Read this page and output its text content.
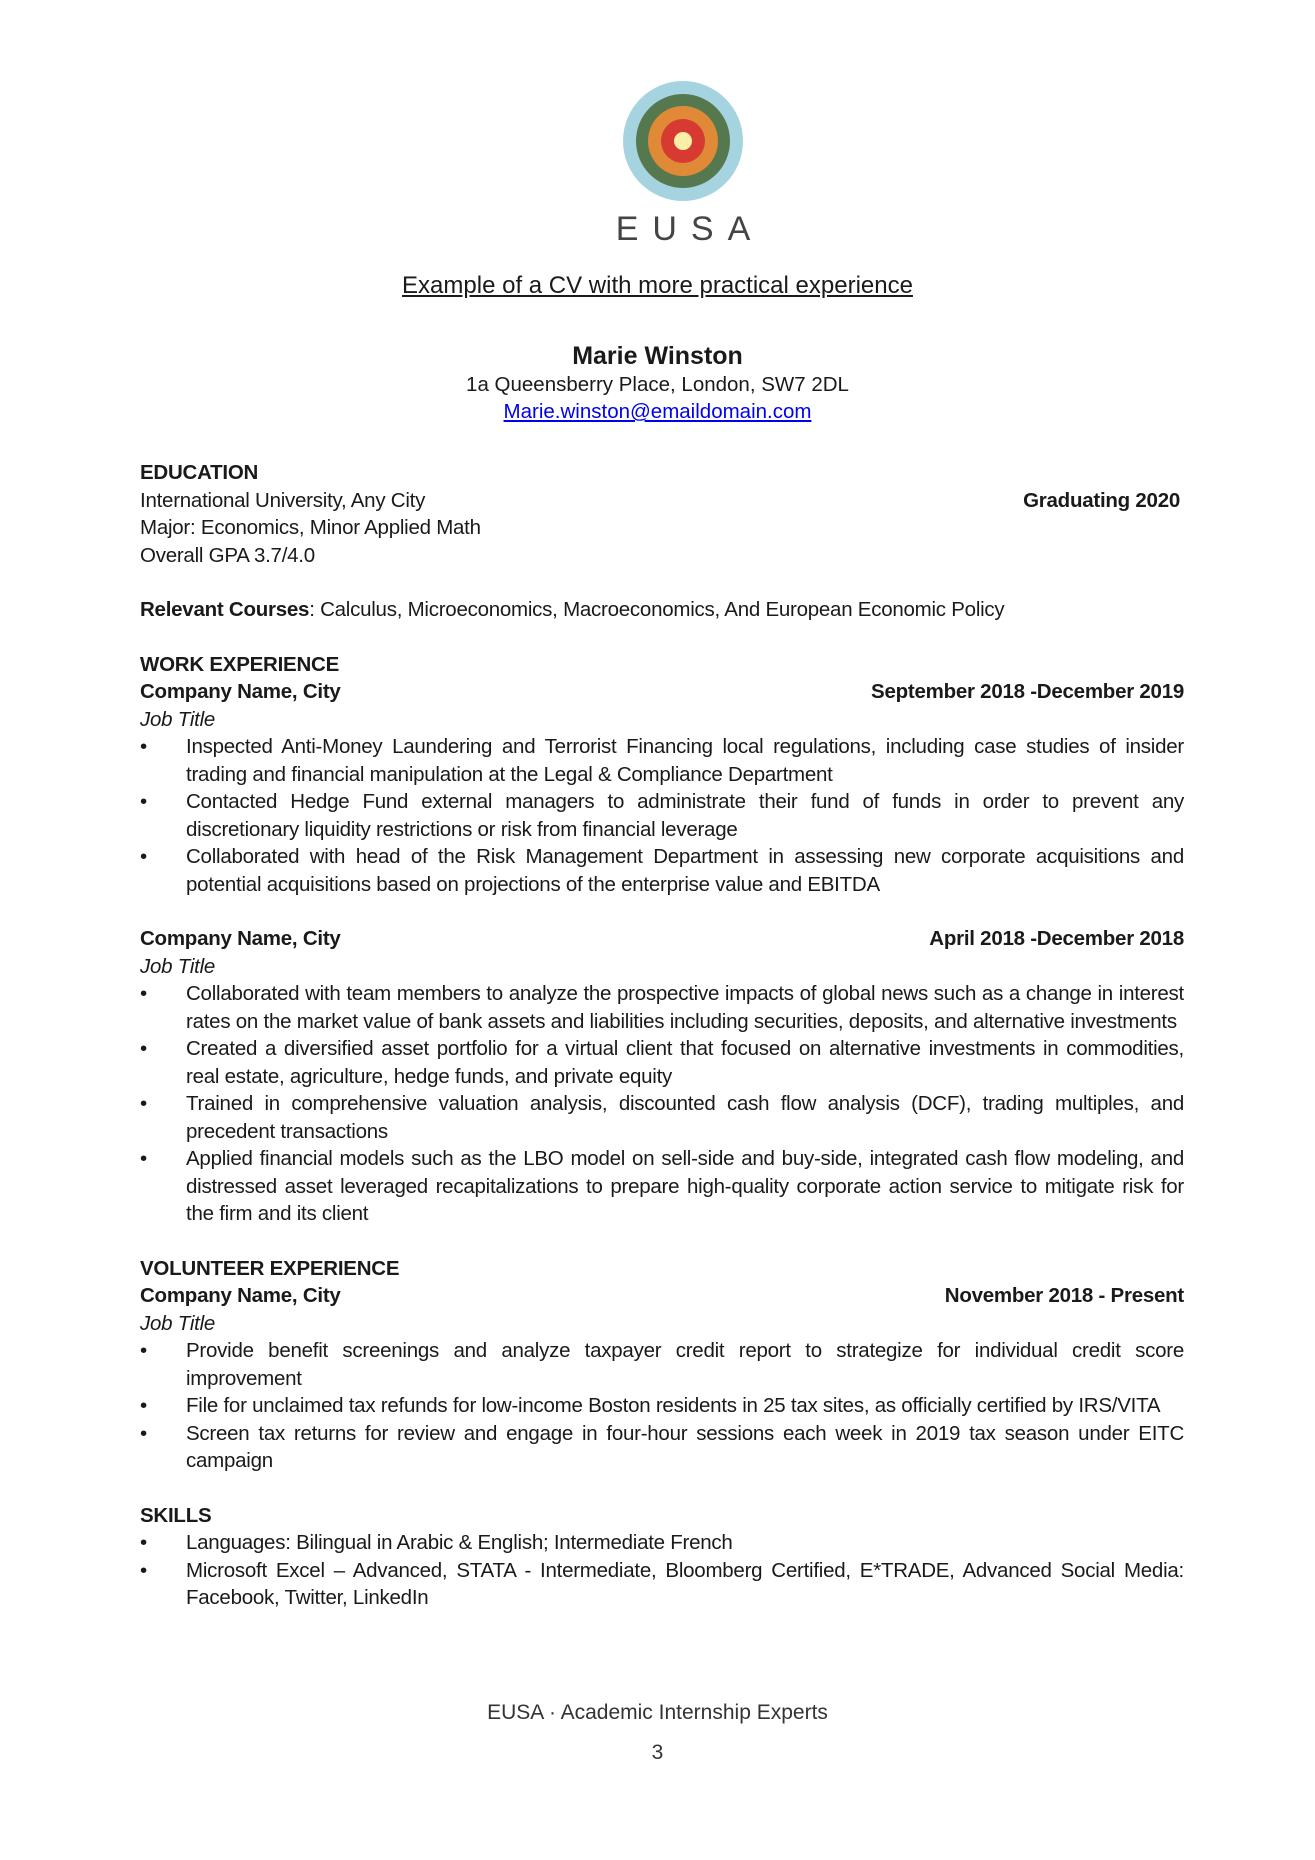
EUSA
Example of a CV with more practical experience
Marie Winston
1a Queensberry Place, London, SW7 2DL
Marie.winston@emaildomain.com
EDUCATION
International University, Any City	Graduating 2020
Major: Economics, Minor Applied Math
Overall GPA 3.7/4.0
Relevant Courses: Calculus, Microeconomics, Macroeconomics, And European Economic Policy
WORK EXPERIENCE
Company Name, City	September 2018 -December 2019
Job Title
• Inspected Anti-Money Laundering and Terrorist Financing local regulations, including case studies of insider trading and financial manipulation at the Legal & Compliance Department
• Contacted Hedge Fund external managers to administrate their fund of funds in order to prevent any discretionary liquidity restrictions or risk from financial leverage
• Collaborated with head of the Risk Management Department in assessing new corporate acquisitions and potential acquisitions based on projections of the enterprise value and EBITDA
Company Name, City	April 2018 -December 2018
Job Title
• Collaborated with team members to analyze the prospective impacts of global news such as a change in interest rates on the market value of bank assets and liabilities including securities, deposits, and alternative investments
• Created a diversified asset portfolio for a virtual client that focused on alternative investments in commodities, real estate, agriculture, hedge funds, and private equity
• Trained in comprehensive valuation analysis, discounted cash flow analysis (DCF), trading multiples, and precedent transactions
• Applied financial models such as the LBO model on sell-side and buy-side, integrated cash flow modeling, and distressed asset leveraged recapitalizations to prepare high-quality corporate action service to mitigate risk for the firm and its client
VOLUNTEER EXPERIENCE
Company Name, City	November 2018 - Present
Job Title
• Provide benefit screenings and analyze taxpayer credit report to strategize for individual credit score improvement
• File for unclaimed tax refunds for low-income Boston residents in 25 tax sites, as officially certified by IRS/VITA
• Screen tax returns for review and engage in four-hour sessions each week in 2019 tax season under EITC campaign
SKILLS
• Languages: Bilingual in Arabic & English; Intermediate French
• Microsoft Excel – Advanced, STATA - Intermediate, Bloomberg Certified, E*TRADE, Advanced Social Media: Facebook, Twitter, LinkedIn
EUSA · Academic Internship Experts
3
